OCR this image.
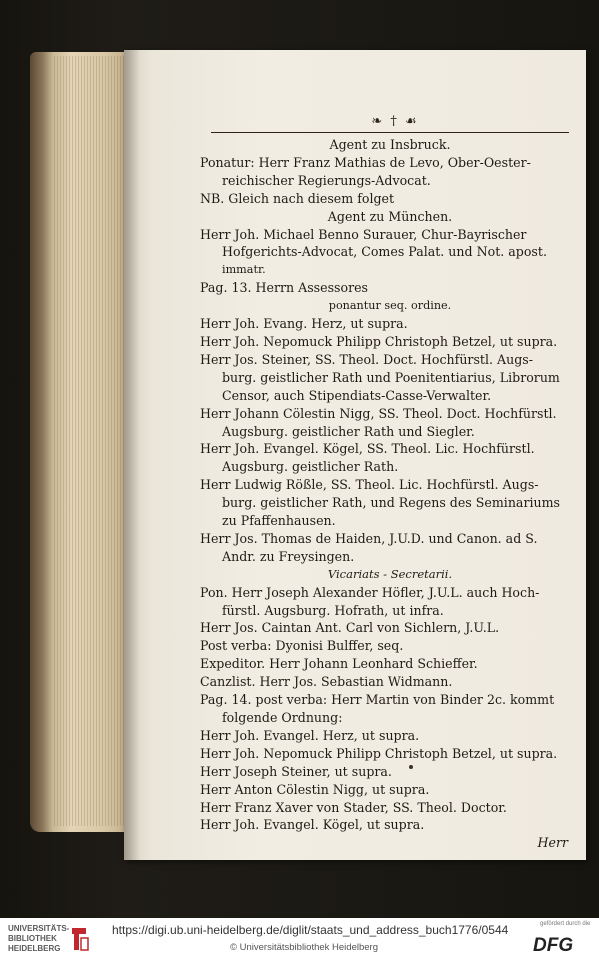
❧ † ☙
Agent zu Insbruck.
Ponatur: Herr Franz Mathias de Levo, Ober-Oester-
reichischer Regierungs-Advocat.
NB. Gleich nach diesem folget
Agent zu München.
Herr Joh. Michael Benno Surauer, Chur-Bayrischer
Hofgerichts-Advocat, Comes Palat. und Not. apost.
immatr.
Pag. 13. Herrn Assessores
ponantur seq. ordine.
Herr Joh. Evang. Herz, ut supra.
Herr Joh. Nepomuck Philipp Christoph Betzel, ut supra.
Herr Jos. Steiner, SS. Theol. Doct. Hochfürstl. Augs-
burg. geistlicher Rath und Poenitentiarius, Librorum
Censor, auch Stipendiats-Casse-Verwalter.
Herr Johann Cölestin Nigg, SS. Theol. Doct. Hochfürstl.
Augsburg. geistlicher Rath und Siegler.
Herr Joh. Evangel. Kögel, SS. Theol. Lic. Hochfürstl.
Augsburg. geistlicher Rath.
Herr Ludwig Rößle, SS. Theol. Lic. Hochfürstl. Augs-
burg. geistlicher Rath, und Regens des Seminariums
zu Pfaffenhausen.
Herr Jos. Thomas de Haiden, J.U.D. und Canon. ad S.
Andr. zu Freysingen.
Vicariats - Secretarii.
Pon. Herr Joseph Alexander Höfler, J.U.L. auch Hoch-
fürstl. Augsburg. Hofrath, ut infra.
Herr Jos. Caintan Ant. Carl von Sichlern, J.U.L.
Post verba: Dyonisi Bulffer, seq.
Expeditor. Herr Johann Leonhard Schieffer.
Canzlist. Herr Jos. Sebastian Widmann.
Pag. 14. post verba: Herr Martin von Binder 2c. kommt
folgende Ordnung:
Herr Joh. Evangel. Herz, ut supra.
Herr Joh. Nepomuck Philipp Christoph Betzel, ut supra.
Herr Joseph Steiner, ut supra.
Herr Anton Cölestin Nigg, ut supra.
Herr Franz Xaver von Stader, SS. Theol. Doctor.
Herr Joh. Evangel. Kögel, ut supra.
Herr
UNIVERSITÄTS-
BIBLIOTHEK
HEIDELBERG
https://digi.ub.uni-heidelberg.de/diglit/staats_und_address_buch1776/0544
© Universitätsbibliothek Heidelberg
gefördert durch die
DFG
